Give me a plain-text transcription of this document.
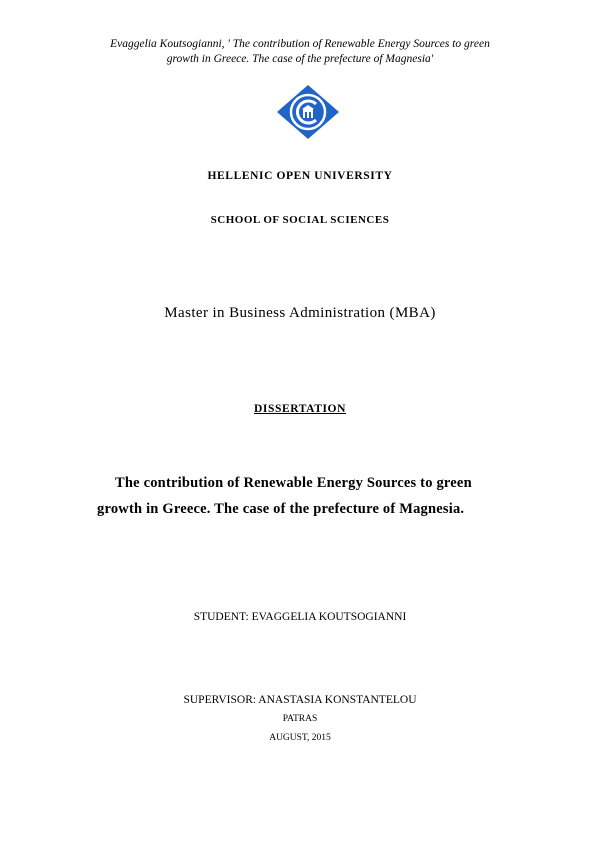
Evaggelia Koutsogianni, ' The contribution of Renewable Energy Sources to green
growth in Greece. The case of the prefecture of Magnesia'
HELLENIC OPEN UNIVERSITY
SCHOOL OF SOCIAL SCIENCES
Master in Business Administration (MBA)
DISSERTATION
The contribution of Renewable Energy Sources to green growth in Greece. The case of the prefecture of Magnesia.
STUDENT: EVAGGELIA KOUTSOGIANNI
SUPERVISOR: ANASTASIA KONSTANTELOU
PATRAS
AUGUST, 2015
